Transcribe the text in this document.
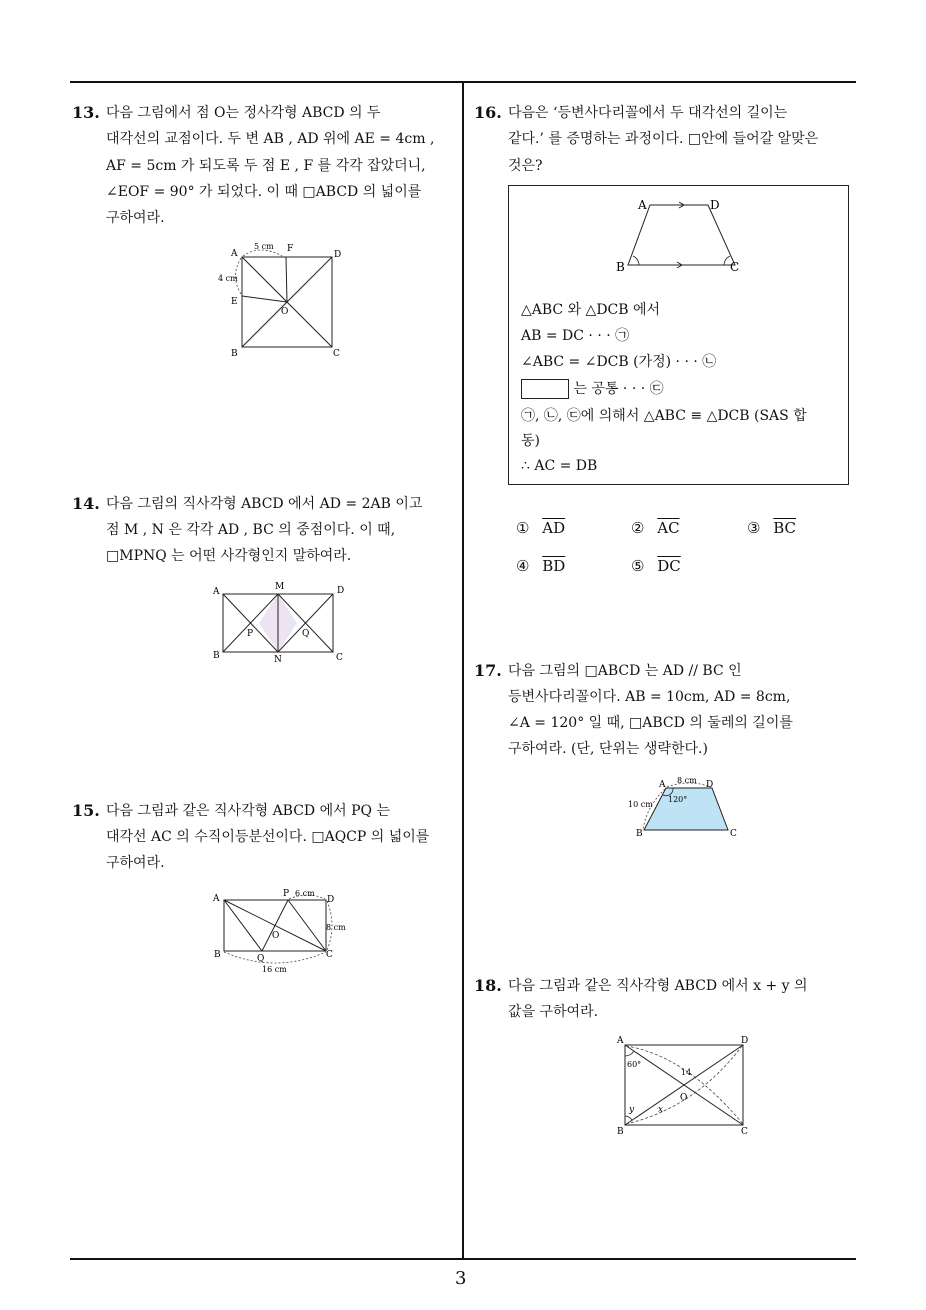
3
13. 다음 그림에서 점 O는 정사각형 ABCD 의 두
대각선의 교점이다. 두 변 AB , AD 위에 AE = 4cm ,
AF = 5cm 가 되도록 두 점 E , F 를 각각 잡았더니,
∠EOF = 90° 가 되었다. 이 때 □ABCD 의 넓이를
구하여라.
A
B	C
D
E
F
O
5 cm
4 cm
14. 다음 그림의 직사각형 ABCD 에서 AD = 2AB 이고
점 M , N 은 각각 AD , BC 의 중점이다. 이 때,
□MPNQ 는 어떤 사각형인지 말하여라.
A
B	C
D
M
N
P	Q
15. 다음 그림과 같은 직사각형 ABCD 에서 PQ 는
대각선 AC 의 수직이등분선이다. □AQCP 의 넓이를
구하여라.
A
B	C
D
P
Q
O
6 cm
8 cm
16 cm
16. 다음은 ‘등변사다리꼴에서 두 대각선의 길이는
같다.’ 를 증명하는 과정이다. □안에 들어갈 알맞은
것은?
A	D
B	C
△ABC 와 △DCB 에서
AB = DC · · · ㉠
∠ABC = ∠DCB (가정) · · · ㉡
는 공통 · · · ㉢
㉠, ㉡, ㉢에 의해서 △ABC ≡ △DCB (SAS 합
동)
∴ AC = DB
① $\overline{AD}$	② $\overline{AC}$	③ $\overline{BC}$
④ $\overline{BD}$	⑤ $\overline{DC}$
17. 다음 그림의 □ABCD 는 AD // BC 인
등변사다리꼴이다. AB = 10cm, AD = 8cm,
∠A = 120° 일 때, □ABCD 의 둘레의 길이를
구하여라. (단, 단위는 생략한다.)
A	D
B	C
8 cm
10 cm
120°
18. 다음 그림과 같은 직사각형 ABCD 에서 x + y 의
값을 구하여라.
A
B	C
D
O
60°
14
x
y
